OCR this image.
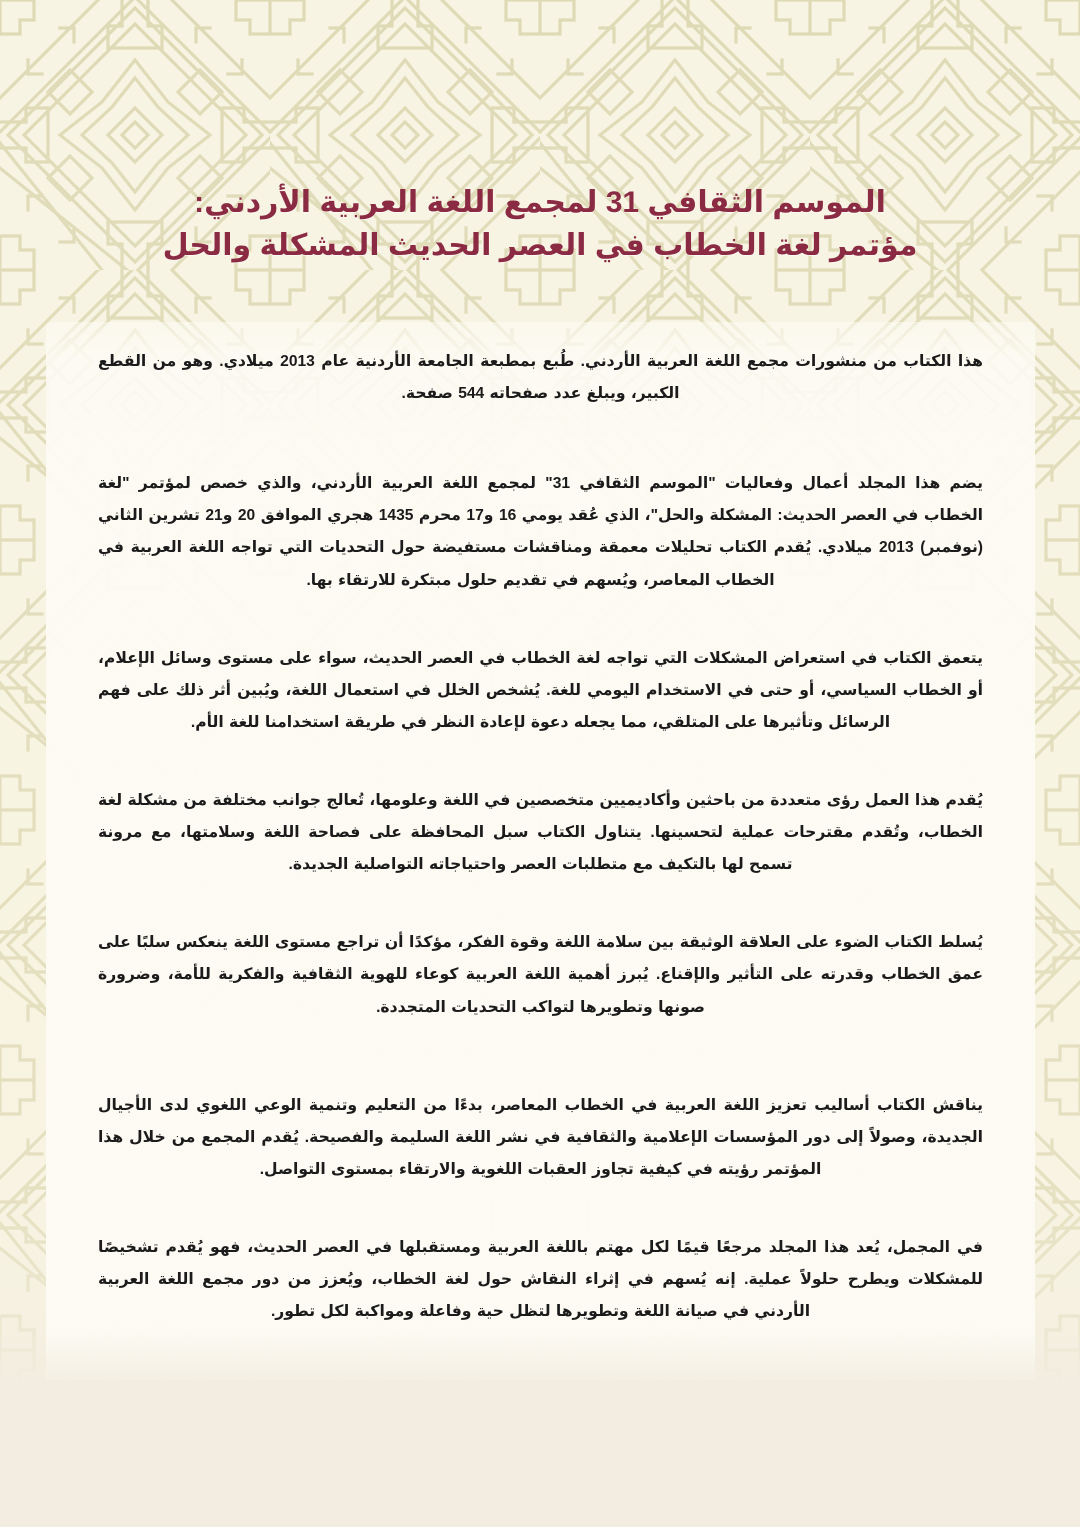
الموسم الثقافي 31 لمجمع اللغة العربية الأردني:
مؤتمر لغة الخطاب في العصر الحديث المشكلة والحل

هذا الكتاب من منشورات مجمع اللغة العربية الأردني. طُبع بمطبعة الجامعة الأردنية عام 2013 ميلادي. وهو من القطع الكبير، ويبلغ عدد صفحاته 544 صفحة.

يضم هذا المجلد أعمال وفعاليات "الموسم الثقافي 31" لمجمع اللغة العربية الأردني، والذي خصص لمؤتمر "لغة الخطاب في العصر الحديث: المشكلة والحل"، الذي عُقد يومي 16 و17 محرم 1435 هجري الموافق 20 و21 تشرين الثاني (نوفمبر) 2013 ميلادي. يُقدم الكتاب تحليلات معمقة ومناقشات مستفيضة حول التحديات التي تواجه اللغة العربية في الخطاب المعاصر، ويُسهم في تقديم حلول مبتكرة للارتقاء بها.

يتعمق الكتاب في استعراض المشكلات التي تواجه لغة الخطاب في العصر الحديث، سواء على مستوى وسائل الإعلام، أو الخطاب السياسي، أو حتى في الاستخدام اليومي للغة. يُشخص الخلل في استعمال اللغة، ويُبين أثر ذلك على فهم الرسائل وتأثيرها على المتلقي، مما يجعله دعوة لإعادة النظر في طريقة استخدامنا للغة الأم.

يُقدم هذا العمل رؤى متعددة من باحثين وأكاديميين متخصصين في اللغة وعلومها، تُعالج جوانب مختلفة من مشكلة لغة الخطاب، وتُقدم مقترحات عملية لتحسينها. يتناول الكتاب سبل المحافظة على فصاحة اللغة وسلامتها، مع مرونة تسمح لها بالتكيف مع متطلبات العصر واحتياجاته التواصلية الجديدة.

يُسلط الكتاب الضوء على العلاقة الوثيقة بين سلامة اللغة وقوة الفكر، مؤكدًا أن تراجع مستوى اللغة ينعكس سلبًا على عمق الخطاب وقدرته على التأثير والإقناع. يُبرز أهمية اللغة العربية كوعاء للهوية الثقافية والفكرية للأمة، وضرورة صونها وتطويرها لتواكب التحديات المتجددة.

يناقش الكتاب أساليب تعزيز اللغة العربية في الخطاب المعاصر، بدءًا من التعليم وتنمية الوعي اللغوي لدى الأجيال الجديدة، وصولاً إلى دور المؤسسات الإعلامية والثقافية في نشر اللغة السليمة والفصيحة. يُقدم المجمع من خلال هذا المؤتمر رؤيته في كيفية تجاوز العقبات اللغوية والارتقاء بمستوى التواصل.

في المجمل، يُعد هذا المجلد مرجعًا قيمًا لكل مهتم باللغة العربية ومستقبلها في العصر الحديث، فهو يُقدم تشخيصًا للمشكلات ويطرح حلولاً عملية. إنه يُسهم في إثراء النقاش حول لغة الخطاب، ويُعزز من دور مجمع اللغة العربية الأردني في صيانة اللغة وتطويرها لتظل حية وفاعلة ومواكبة لكل تطور.
